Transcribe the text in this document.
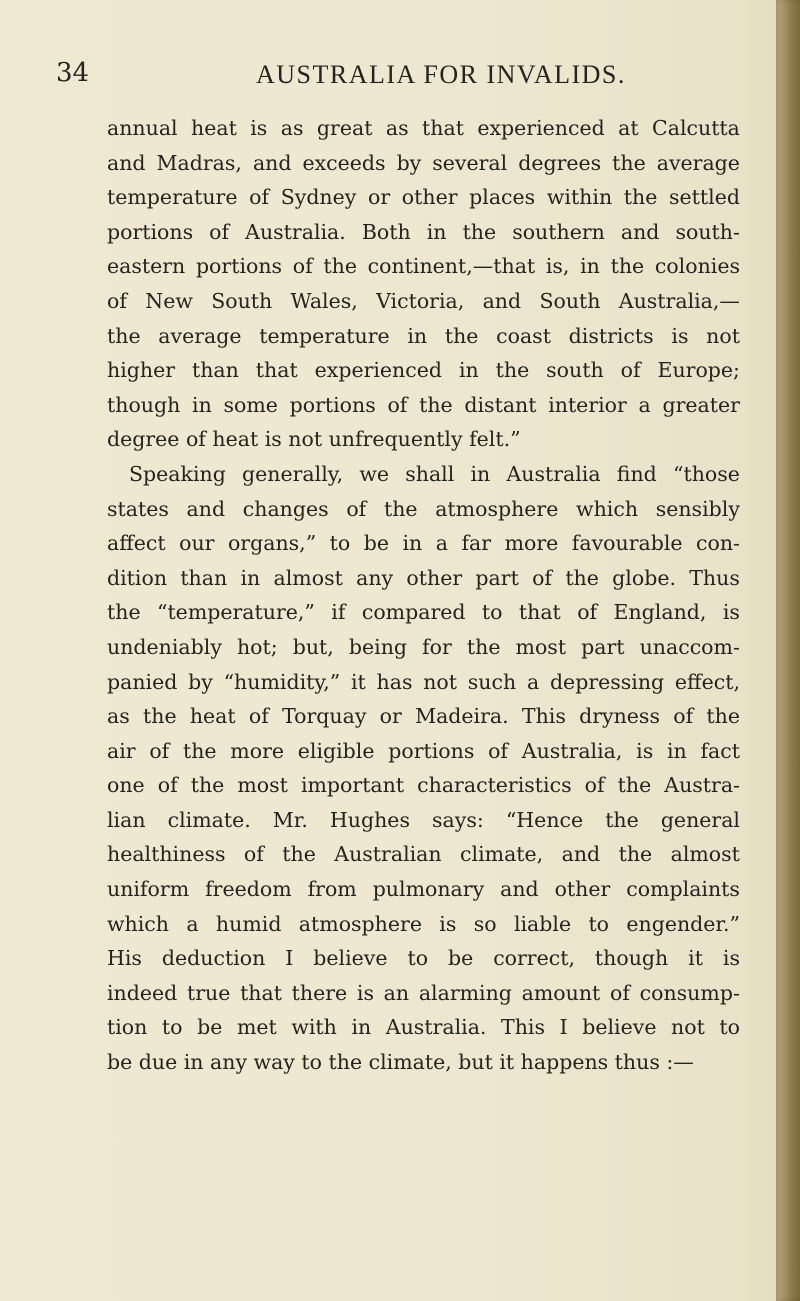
34	AUSTRALIA FOR INVALIDS.
annual heat is as great as that experienced at Calcutta
and Madras, and exceeds by several degrees the average
temperature of Sydney or other places within the settled
portions of Australia. Both in the southern and south-
eastern portions of the continent,—that is, in the colonies
of New South Wales, Victoria, and South Australia,—
the average temperature in the coast districts is not
higher than that experienced in the south of Europe;
though in some portions of the distant interior a greater
degree of heat is not unfrequently felt.”
Speaking generally, we shall in Australia find “those
states and changes of the atmosphere which sensibly
affect our organs,” to be in a far more favourable con-
dition than in almost any other part of the globe. Thus
the “temperature,” if compared to that of England, is
undeniably hot; but, being for the most part unaccom-
panied by “humidity,” it has not such a depressing effect,
as the heat of Torquay or Madeira. This dryness of the
air of the more eligible portions of Australia, is in fact
one of the most important characteristics of the Austra-
lian climate. Mr. Hughes says: “Hence the general
healthiness of the Australian climate, and the almost
uniform freedom from pulmonary and other complaints
which a humid atmosphere is so liable to engender.”
His deduction I believe to be correct, though it is
indeed true that there is an alarming amount of consump-
tion to be met with in Australia. This I believe not to
be due in any way to the climate, but it happens thus :—
